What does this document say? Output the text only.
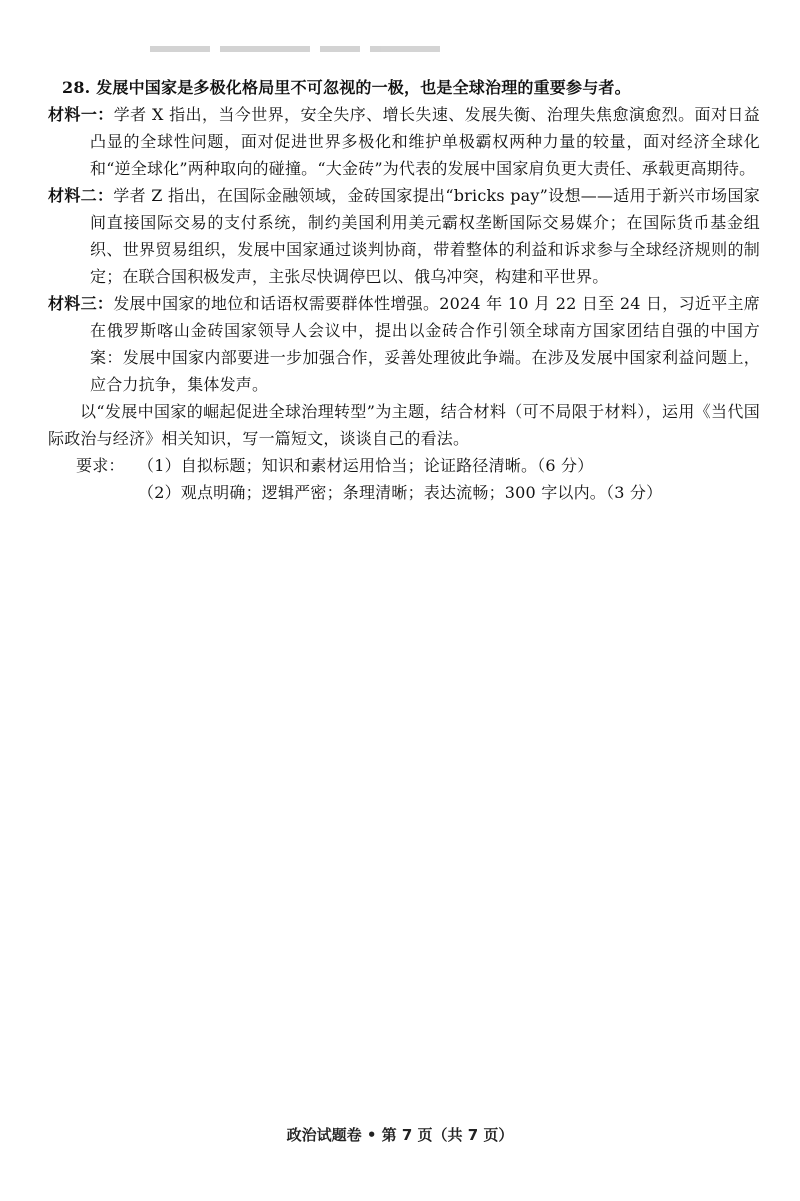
28. 发展中国家是多极化格局里不可忽视的一极，也是全球治理的重要参与者。

材料一：学者 X 指出，当今世界，安全失序、增长失速、发展失衡、治理失焦愈演愈烈。面对日益凸显的全球性问题，面对促进世界多极化和维护单极霸权两种力量的较量，面对经济全球化和“逆全球化”两种取向的碰撞。“大金砖”为代表的发展中国家肩负更大责任、承载更高期待。

材料二：学者 Z 指出，在国际金融领域，金砖国家提出“bricks pay”设想——适用于新兴市场国家间直接国际交易的支付系统，制约美国利用美元霸权垄断国际交易媒介；在国际货币基金组织、世界贸易组织，发展中国家通过谈判协商，带着整体的利益和诉求参与全球经济规则的制定；在联合国积极发声，主张尽快调停巴以、俄乌冲突，构建和平世界。

材料三：发展中国家的地位和话语权需要群体性增强。2024 年 10 月 22 日至 24 日，习近平主席在俄罗斯喀山金砖国家领导人会议中，提出以金砖合作引领全球南方国家团结自强的中国方案：发展中国家内部要进一步加强合作，妥善处理彼此争端。在涉及发展中国家利益问题上，应合力抗争，集体发声。

以“发展中国家的崛起促进全球治理转型”为主题，结合材料（可不局限于材料），运用《当代国际政治与经济》相关知识，写一篇短文，谈谈自己的看法。
要求： （1）自拟标题；知识和素材运用恰当；论证路径清晰。（6 分）
（2）观点明确；逻辑严密；条理清晰；表达流畅；300 字以内。（3 分）
政治试题卷 • 第 7 页（共 7 页）
